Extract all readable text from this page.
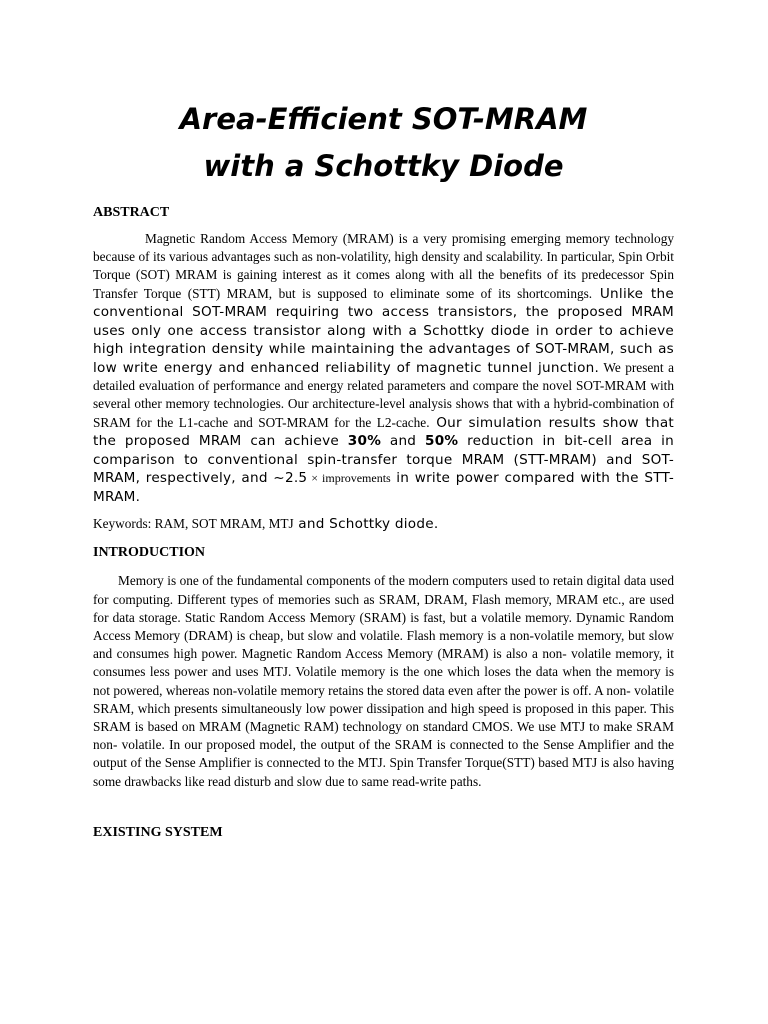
Area-Efficient SOT-MRAM
with a Schottky Diode
ABSTRACT

Magnetic Random Access Memory (MRAM) is a very promising emerging memory technology because of its various advantages such as non-volatility, high density and scalability. In particular, Spin Orbit Torque (SOT) MRAM is gaining interest as it comes along with all the benefits of its predecessor Spin Transfer Torque (STT) MRAM, but is supposed to eliminate some of its shortcomings. Unlike the conventional SOT-MRAM requiring two access transistors, the proposed MRAM uses only one access transistor along with a Schottky diode in order to achieve high integration density while maintaining the advantages of SOT-MRAM, such as low write energy and enhanced reliability of magnetic tunnel junction. We present a detailed evaluation of performance and energy related parameters and compare the novel SOT-MRAM with several other memory technologies. Our architecture-level analysis shows that with a hybrid-combination of SRAM for the L1-cache and SOT-MRAM for the L2-cache. Our simulation results show that the proposed MRAM can achieve 30% and 50% reduction in bit-cell area in comparison to conventional spin-transfer torque MRAM (STT-MRAM) and SOT-MRAM, respectively, and ~2.5 × improvements in write power compared with the STT-MRAM.

Keywords: RAM, SOT MRAM, MTJ and Schottky diode.

INTRODUCTION

Memory is one of the fundamental components of the modern computers used to retain digital data used for computing. Different types of memories such as SRAM, DRAM, Flash memory, MRAM etc., are used for data storage. Static Random Access Memory (SRAM) is fast, but a volatile memory. Dynamic Random Access Memory (DRAM) is cheap, but slow and volatile. Flash memory is a non-volatile memory, but slow and consumes high power. Magnetic Random Access Memory (MRAM) is also a non- volatile memory, it consumes less power and uses MTJ. Volatile memory is the one which loses the data when the memory is not powered, whereas non-volatile memory retains the stored data even after the power is off. A non- volatile SRAM, which presents simultaneously low power dissipation and high speed is proposed in this paper. This SRAM is based on MRAM (Magnetic RAM) technology on standard CMOS. We use MTJ to make SRAM non- volatile. In our proposed model, the output of the SRAM is connected to the Sense Amplifier and the output of the Sense Amplifier is connected to the MTJ. Spin Transfer Torque(STT) based MTJ is also having some drawbacks like read disturb and slow due to same read-write paths.

EXISTING SYSTEM
